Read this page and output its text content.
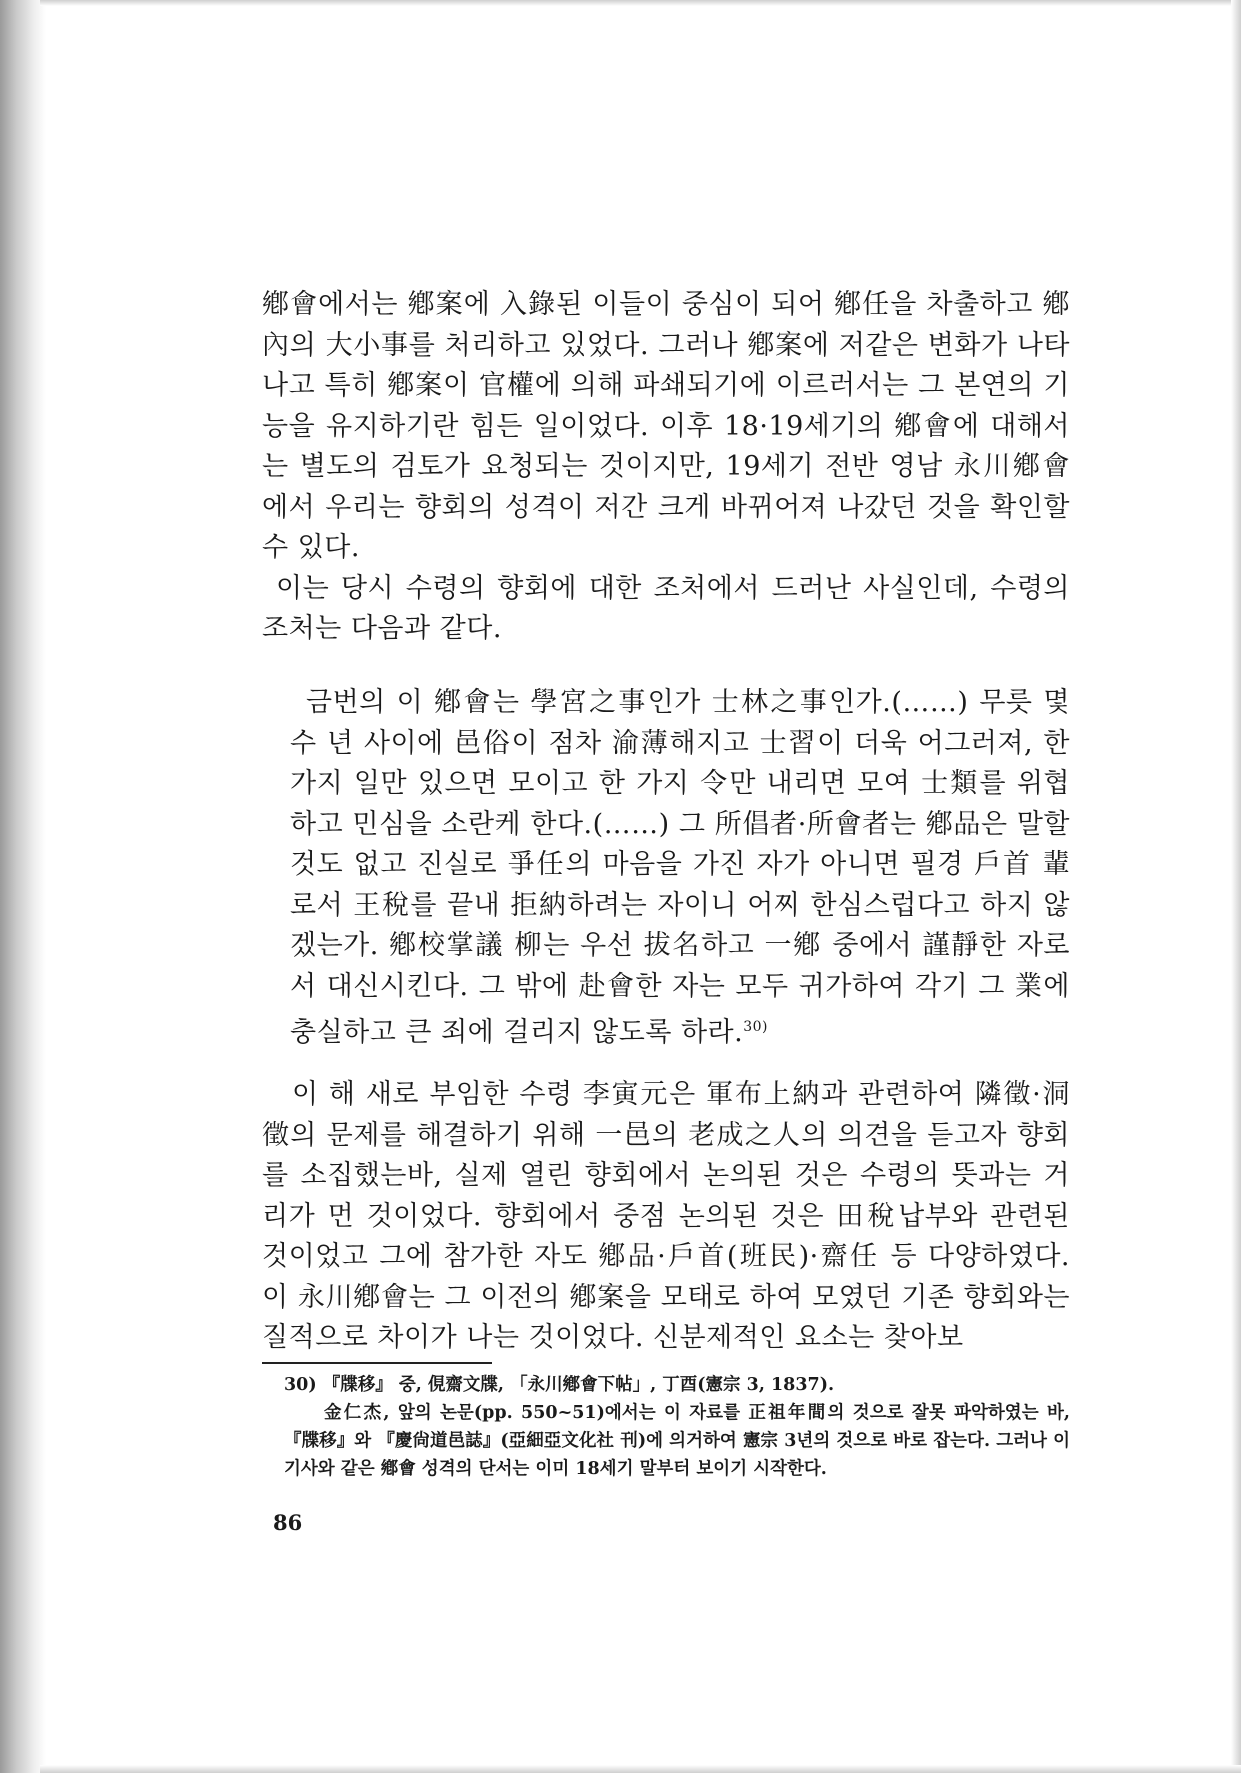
鄕會에서는 鄕案에 入錄된 이들이 중심이 되어 鄕任을 차출하고 鄕內의 大小事를 처리하고 있었다. 그러나 鄕案에 저같은 변화가 나타나고 특히 鄕案이 官權에 의해 파쇄되기에 이르러서는 그 본연의 기능을 유지하기란 힘든 일이었다. 이후 18·19세기의 鄕會에 대해서는 별도의 검토가 요청되는 것이지만, 19세기 전반 영남 永川鄕會에서 우리는 향회의 성격이 저간 크게 바뀌어져 나갔던 것을 확인할 수 있다.

이는 당시 수령의 향회에 대한 조처에서 드러난 사실인데, 수령의 조처는 다음과 같다.

금번의 이 鄕會는 學宮之事인가 士林之事인가.(……) 무릇 몇 수 년 사이에 邑俗이 점차 渝薄해지고 士習이 더욱 어그러져, 한 가지 일만 있으면 모이고 한 가지 令만 내리면 모여 士類를 위협하고 민심을 소란케 한다.(……) 그 所倡者·所會者는 鄕品은 말할 것도 없고 진실로 爭任의 마음을 가진 자가 아니면 필경 戶首 輩로서 王稅를 끝내 拒納하려는 자이니 어찌 한심스럽다고 하지 않겠는가. 鄕校掌議 柳는 우선 拔名하고 一鄕 중에서 謹靜한 자로서 대신시킨다. 그 밖에 赴會한 자는 모두 귀가하여 각기 그 業에 충실하고 큰 죄에 걸리지 않도록 하라.$^{30)}$

이 해 새로 부임한 수령 李寅元은 軍布上納과 관련하여 隣徵·洞徵의 문제를 해결하기 위해 一邑의 老成之人의 의견을 듣고자 향회를 소집했는바, 실제 열린 향회에서 논의된 것은 수령의 뜻과는 거리가 먼 것이었다. 향회에서 중점 논의된 것은 田稅납부와 관련된 것이었고 그에 참가한 자도 鄕品·戶首(班民)·齋任 등 다양하였다. 이 永川鄕會는 그 이전의 鄕案을 모태로 하여 모였던 기존 향회와는 질적으로 차이가 나는 것이었다. 신분제적인 요소는 찾아보

30) 『牒移』 중, 俔齋文牒, 「永川鄕會下帖」, 丁酉(憲宗 3, 1837).

金仁杰, 앞의 논문(pp. 550~51)에서는 이 자료를 正祖年間의 것으로 잘못 파악하였는 바, 『牒移』와 『慶尙道邑誌』(亞細亞文化社 刊)에 의거하여 憲宗 3년의 것으로 바로 잡는다. 그러나 이 기사와 같은 鄕會 성격의 단서는 이미 18세기 말부터 보이기 시작한다.

86
